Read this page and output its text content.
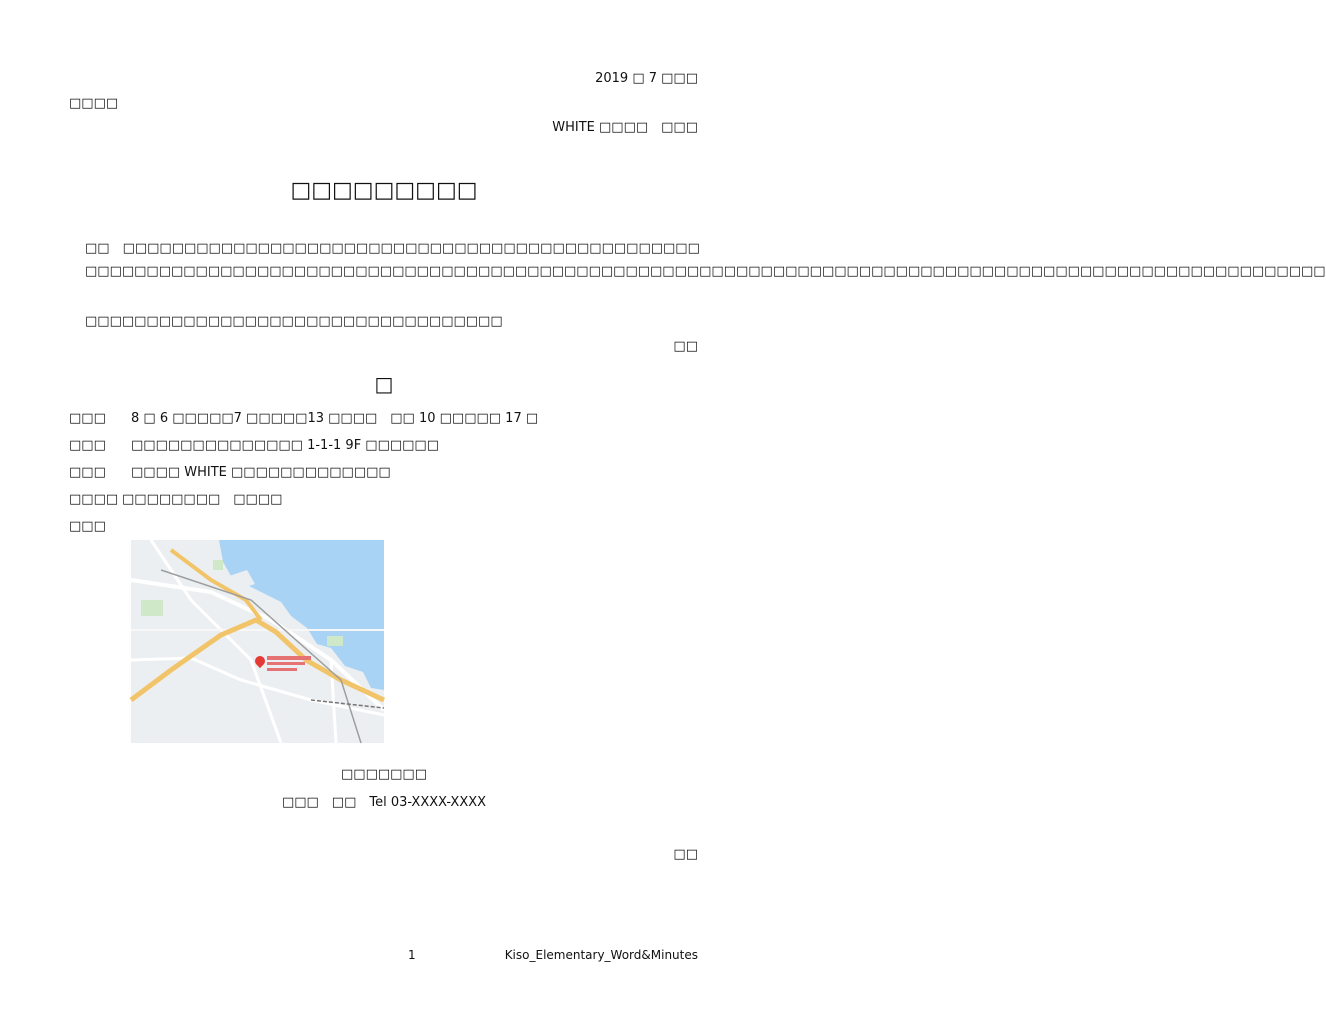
2019 □ 7 □□□
□□□□
WHITE □□□□　□□□
□□□□□□□□□
□□　□□□□□□□□□□□□□□□□□□□□□□□□□□□□□□□□□□□□□□□□□□□□□□□
□□□□□□□□□□□□□□□□□□□□□□□□□□□□□□□□□□□□□□□□□□□□□□□□□□□□□□□□□□□□□□□□□□□□□□□□□□□□□□□□□□□□□□□□□□□□□□□□□□□□□
□□□□□□□□□□□□□□□□□□□□□□□□□□□□□□□□□□
□□
□
□□□ 8 □ 6 □□□□□7 □□□□□13 □□□□　□□ 10 □□□□□ 17 □
□□□ □□□□□□□□□□□□□□ 1-1-1 9F □□□□□□
□□□ □□□□ WHITE □□□□□□□□□□□□□
□□□□ □□□□□□□□　□□□□
□□□
□□□□□□□
□□□　□□　Tel 03-XXXX-XXXX
□□
1	Kiso_Elementary_Word&Minutes
